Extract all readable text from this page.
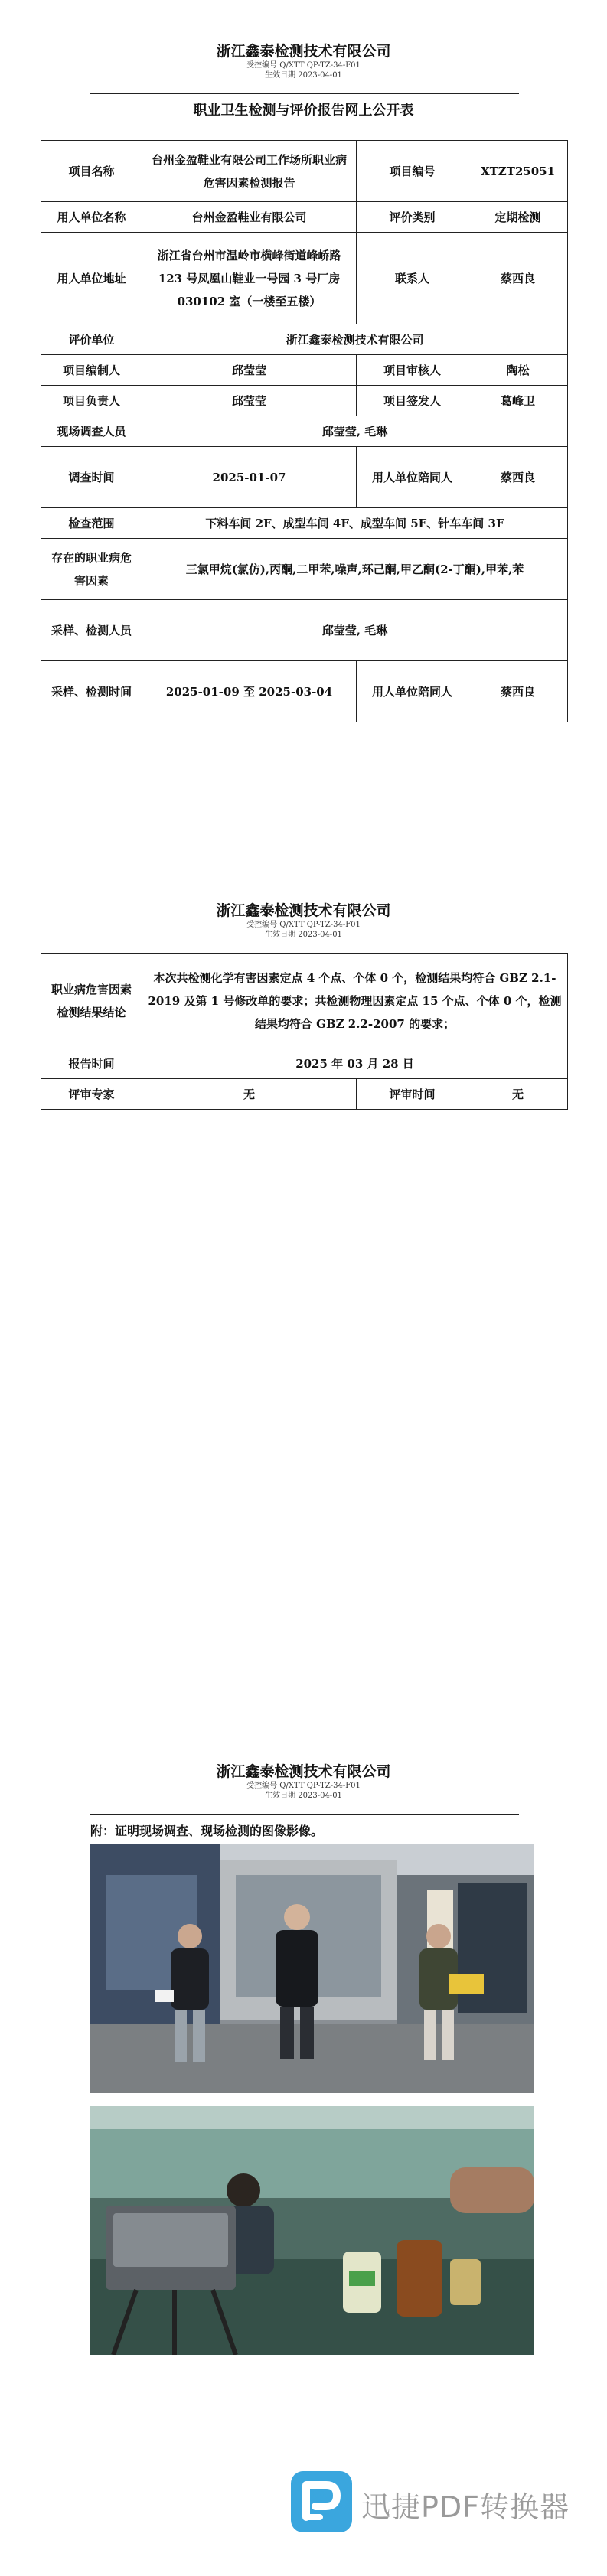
浙江鑫泰检测技术有限公司
受控编号 Q/XTT QP-TZ-34-F01
生效日期 2023-04-01
职业卫生检测与评价报告网上公开表
项目名称	台州金盈鞋业有限公司工作场所职业病危害因素检测报告	项目编号	XTZT25051
用人单位名称	台州金盈鞋业有限公司	评价类别	定期检测
用人单位地址	浙江省台州市温岭市横峰街道峰峤路 123 号凤凰山鞋业一号园 3 号厂房 030102 室（一楼至五楼）	联系人	蔡西良
评价单位	浙江鑫泰检测技术有限公司		
项目编制人	邱莹莹	项目审核人	陶松
项目负责人	邱莹莹	项目签发人	葛峰卫
现场调查人员	邱莹莹, 毛琳		
调查时间	2025-01-07	用人单位陪同人	蔡西良
检查范围	下料车间 2F、成型车间 4F、成型车间 5F、针车车间 3F		
存在的职业病危害因素	三氯甲烷(氯仿),丙酮,二甲苯,噪声,环己酮,甲乙酮(2-丁酮),甲苯,苯		
采样、检测人员	邱莹莹, 毛琳		
采样、检测时间	2025-01-09 至 2025-03-04	用人单位陪同人	蔡西良
浙江鑫泰检测技术有限公司
受控编号 Q/XTT QP-TZ-34-F01
生效日期 2023-04-01
职业病危害因素检测结果结论	本次共检测化学有害因素定点 4 个点、个体 0 个，检测结果均符合 GBZ 2.1-2019 及第 1 号修改单的要求；共检测物理因素定点 15 个点、个体 0 个，检测结果均符合 GBZ 2.2-2007 的要求；		
报告时间	2025 年 03 月 28 日		
评审专家	无	评审时间	无
浙江鑫泰检测技术有限公司
受控编号 Q/XTT QP-TZ-34-F01
生效日期 2023-04-01
附：证明现场调查、现场检测的图像影像。
迅捷PDF转换器
